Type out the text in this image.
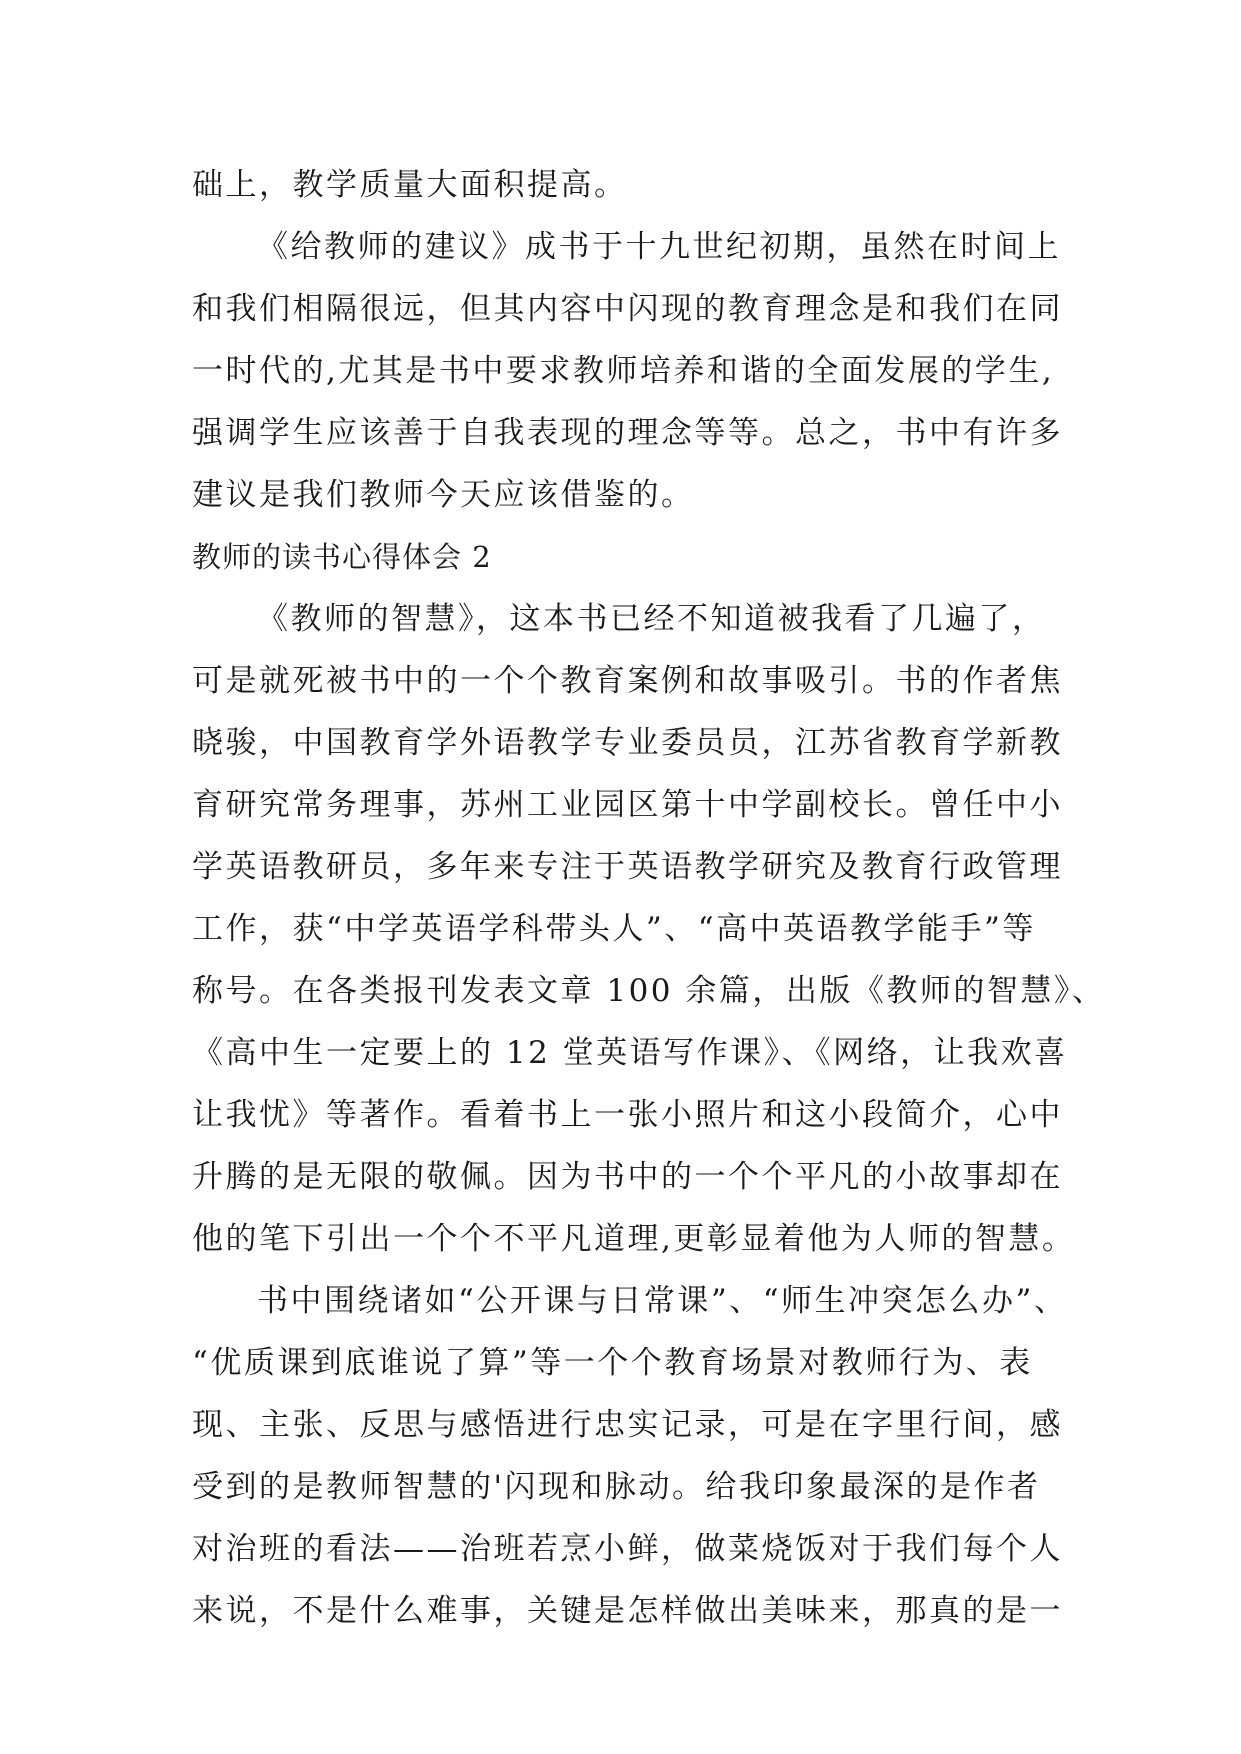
础上，教学质量大面积提高。
《给教师的建议》成书于十九世纪初期，虽然在时间上
和我们相隔很远，但其内容中闪现的教育理念是和我们在同
一时代的,尤其是书中要求教师培养和谐的全面发展的学生,
强调学生应该善于自我表现的理念等等。总之，书中有许多
建议是我们教师今天应该借鉴的。
教师的读书心得体会 2
《教师的智慧》，这本书已经不知道被我看了几遍了，
可是就死被书中的一个个教育案例和故事吸引。书的作者焦
晓骏，中国教育学外语教学专业委员员，江苏省教育学新教
育研究常务理事，苏州工业园区第十中学副校长。曾任中小
学英语教研员，多年来专注于英语教学研究及教育行政管理
工作，获“中学英语学科带头人”、“高中英语教学能手”等
称号。在各类报刊发表文章 100 余篇，出版《教师的智慧》、
《高中生一定要上的 12 堂英语写作课》、《网络，让我欢喜
让我忧》等著作。看着书上一张小照片和这小段简介，心中
升腾的是无限的敬佩。因为书中的一个个平凡的小故事却在
他的笔下引出一个个不平凡道理,更彰显着他为人师的智慧。
书中围绕诸如“公开课与日常课”、“师生冲突怎么办”、
“优质课到底谁说了算”等一个个教育场景对教师行为、表
现、主张、反思与感悟进行忠实记录，可是在字里行间，感
受到的是教师智慧的'闪现和脉动。给我印象最深的是作者
对治班的看法——治班若烹小鲜，做菜烧饭对于我们每个人
来说，不是什么难事，关键是怎样做出美味来，那真的是一
